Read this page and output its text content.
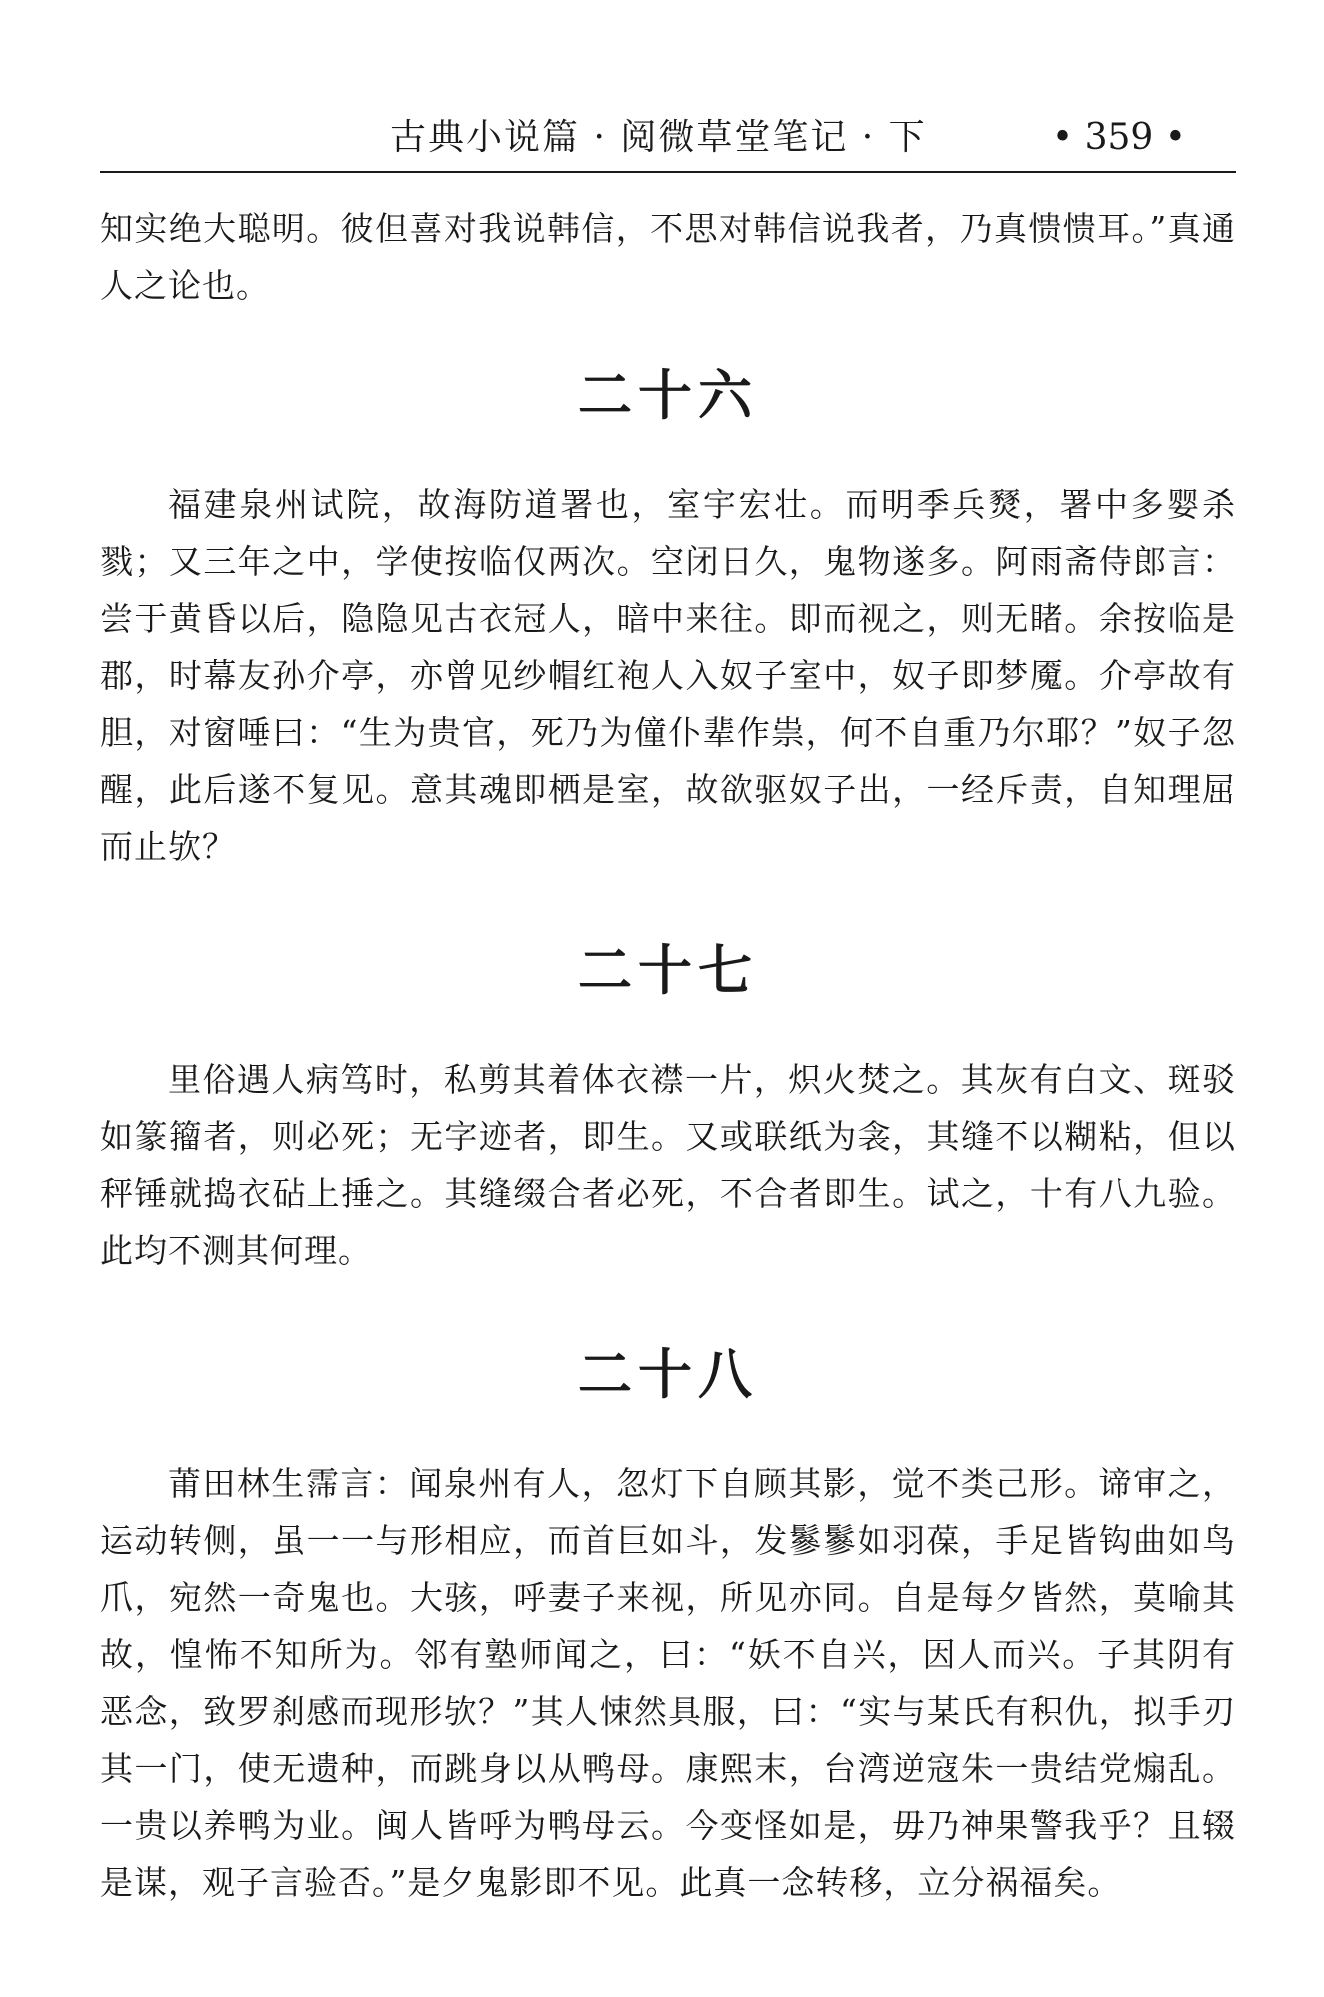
古典小说篇 · 阅微草堂笔记 · 下	• 359 •

知实绝大聪明。彼但喜对我说韩信，不思对韩信说我者，乃真愦愦耳。”真通人之论也。

二十六

福建泉州试院，故海防道署也，室宇宏壮。而明季兵燹，署中多婴杀戮；又三年之中，学使按临仅两次。空闭日久，鬼物遂多。阿雨斋侍郎言：尝于黄昏以后，隐隐见古衣冠人，暗中来往。即而视之，则无睹。余按临是郡，时幕友孙介亭，亦曾见纱帽红袍人入奴子室中，奴子即梦魇。介亭故有胆，对窗唾曰：“生为贵官，死乃为僮仆辈作祟，何不自重乃尔耶？”奴子忽醒，此后遂不复见。意其魂即栖是室，故欲驱奴子出，一经斥责，自知理屈而止欤？

二十七

里俗遇人病笃时，私剪其着体衣襟一片，炽火焚之。其灰有白文、斑驳如篆籀者，则必死；无字迹者，即生。又或联纸为衾，其缝不以糊粘，但以秤锤就捣衣砧上捶之。其缝缀合者必死，不合者即生。试之，十有八九验。此均不测其何理。

二十八

莆田林生霈言：闻泉州有人，忽灯下自顾其影，觉不类己形。谛审之，运动转侧，虽一一与形相应，而首巨如斗，发鬖鬖如羽葆，手足皆钩曲如鸟爪，宛然一奇鬼也。大骇，呼妻子来视，所见亦同。自是每夕皆然，莫喻其故，惶怖不知所为。邻有塾师闻之，曰：“妖不自兴，因人而兴。子其阴有恶念，致罗刹感而现形欤？”其人悚然具服，曰：“实与某氏有积仇，拟手刃其一门，使无遗种，而跳身以从鸭母。康熙末，台湾逆寇朱一贵结党煽乱。一贵以养鸭为业。闽人皆呼为鸭母云。今变怪如是，毋乃神果警我乎？且辍是谋，观子言验否。”是夕鬼影即不见。此真一念转移，立分祸福矣。
